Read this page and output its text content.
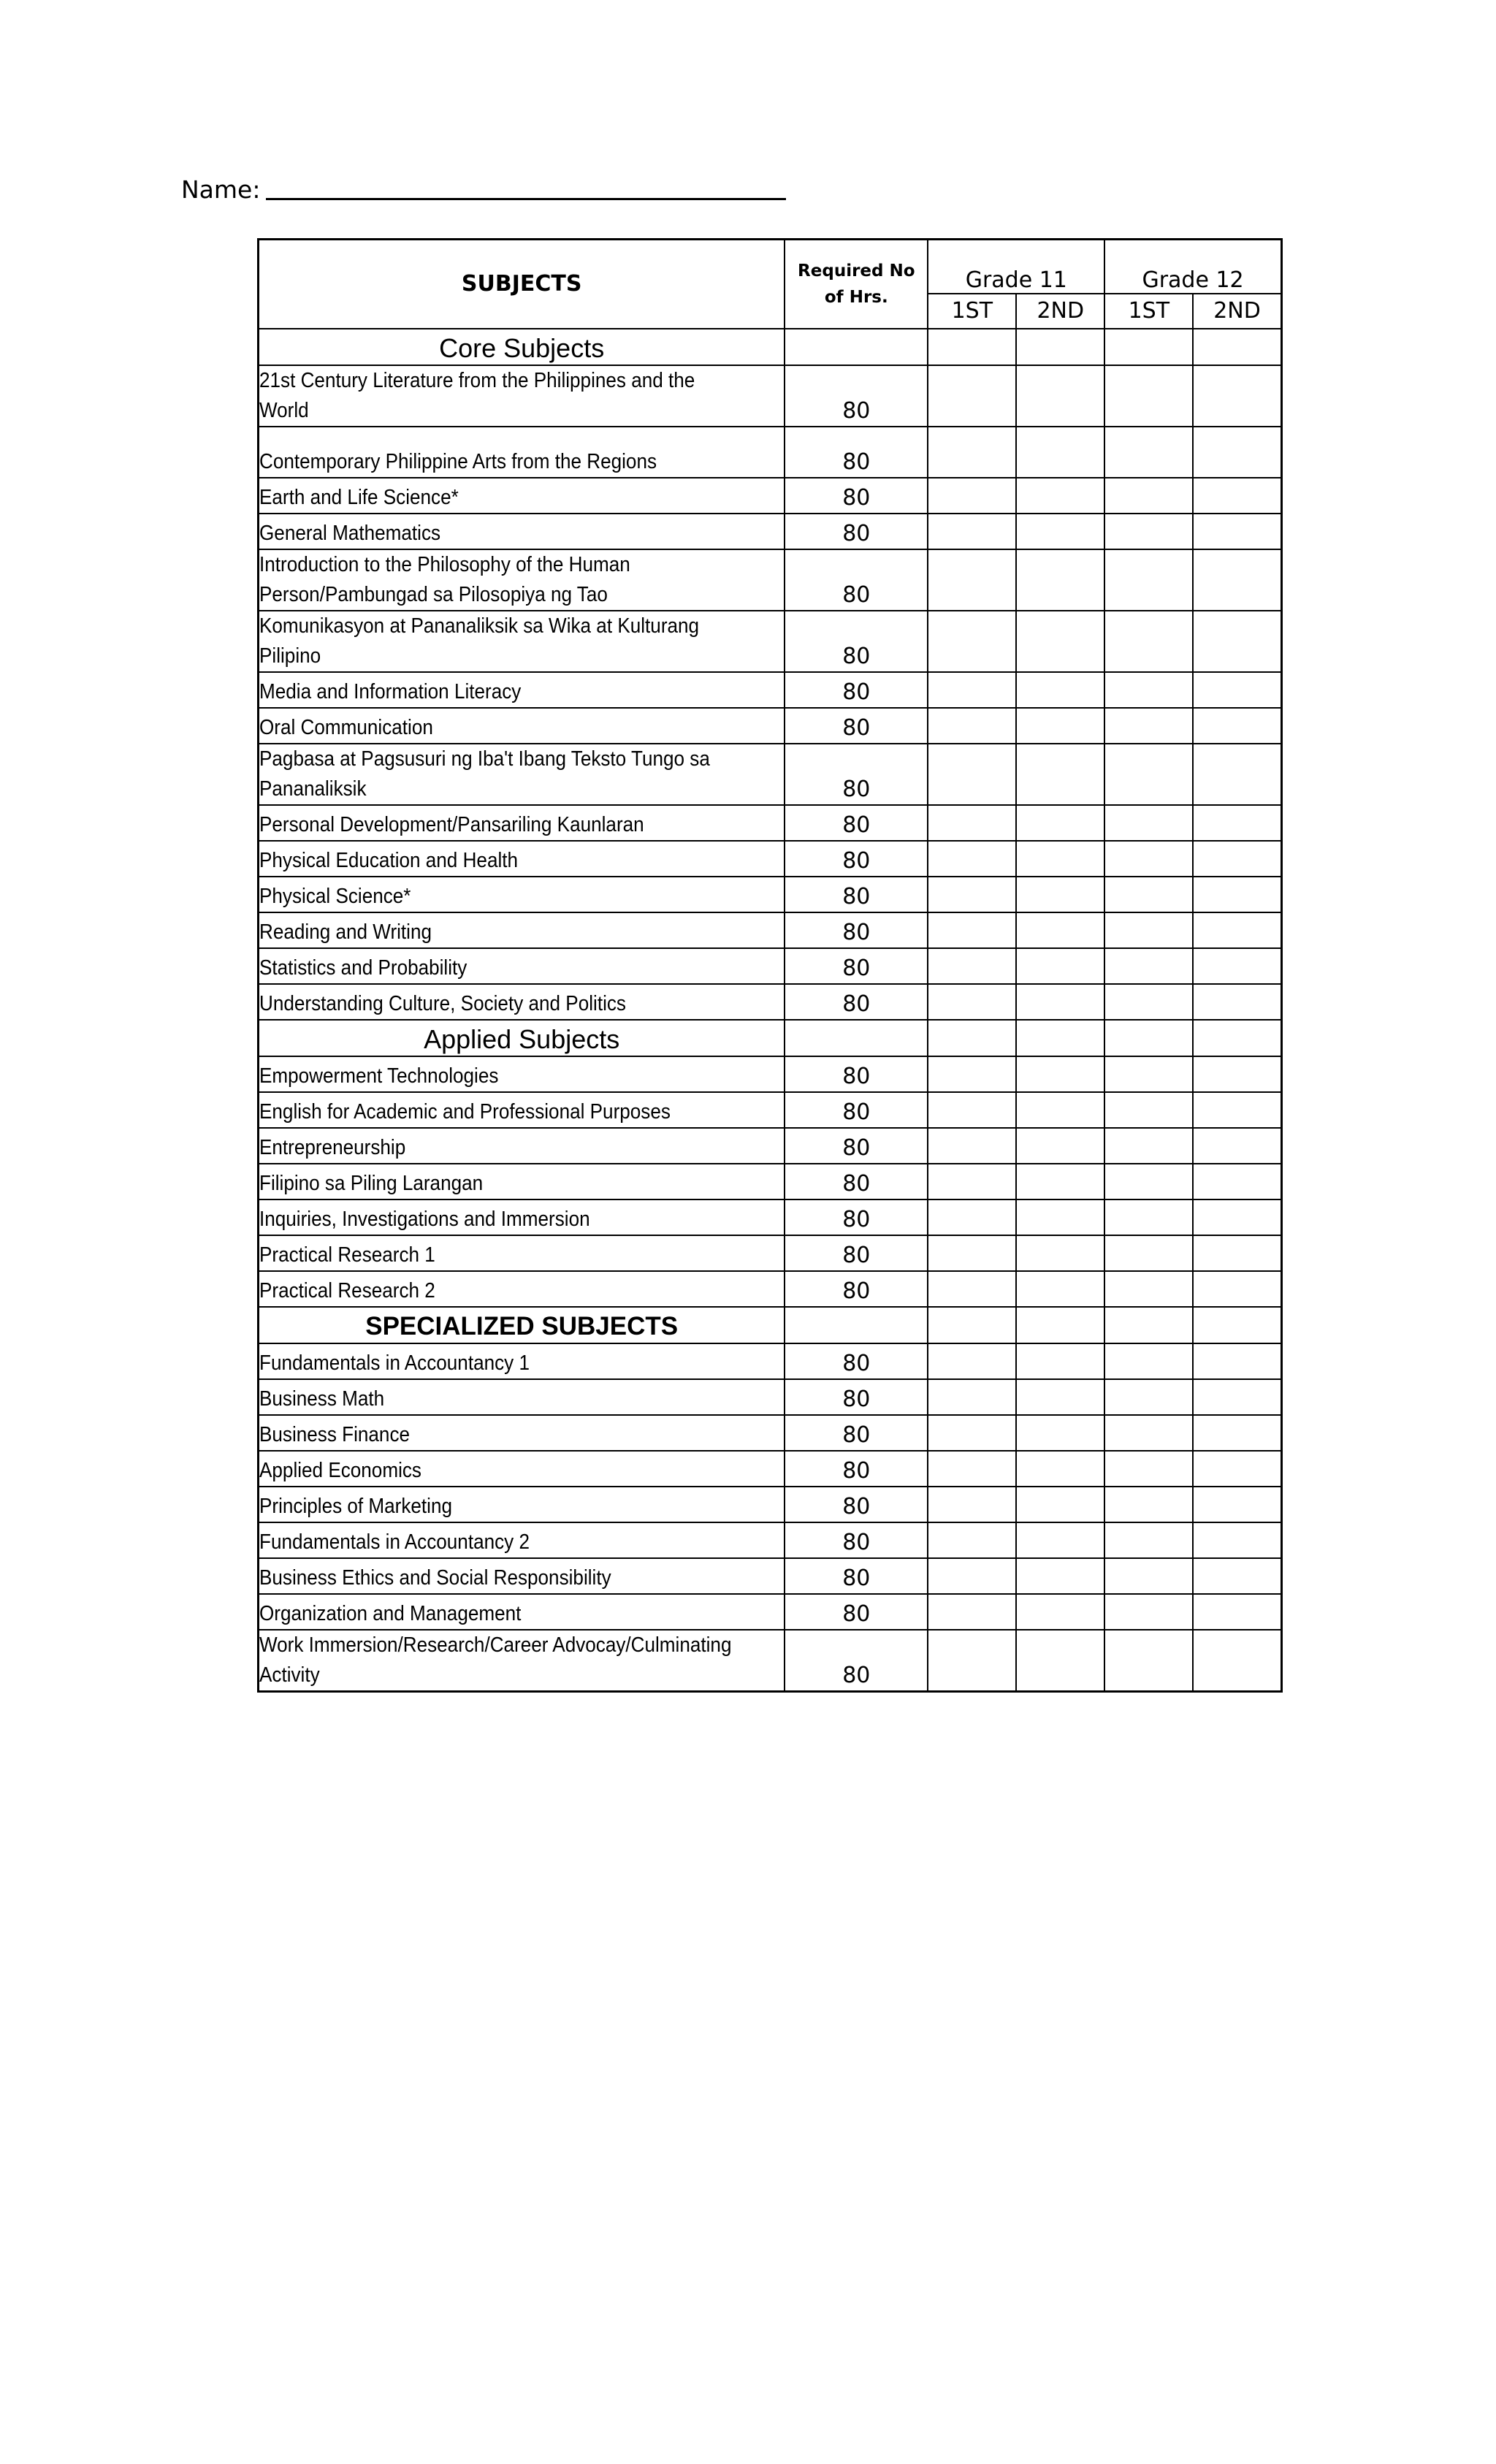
Name:
SUBJECTS	Required No of Hrs.	Grade 11		Grade 12	
		1ST	2ND	1ST	2ND
Core Subjects					

21st Century Literature from the Philippines and the
World	80				
Contemporary Philippine Arts from the Regions	80				
Earth and Life Science*	80				
General Mathematics	80				

Introduction to the Philosophy of the Human
Person/Pambungad sa Pilosopiya ng Tao	80				

Komunikasyon at Pananaliksik sa Wika at Kulturang
Pilipino	80				
Media and Information Literacy	80				
Oral Communication	80				

Pagbasa at Pagsusuri ng Iba't Ibang Teksto Tungo sa
Pananaliksik	80				
Personal Development/Pansariling Kaunlaran	80				
Physical Education and Health	80				
Physical Science*	80				
Reading and Writing	80				
Statistics and Probability	80				
Understanding Culture, Society and Politics	80				
Applied Subjects					
Empowerment Technologies	80				
English for Academic and Professional Purposes	80				
Entrepreneurship	80				
Filipino sa Piling Larangan	80				
Inquiries, Investigations and Immersion	80				
Practical Research 1	80				
Practical Research 2	80				
SPECIALIZED SUBJECTS					
Fundamentals in Accountancy 1	80				
Business Math	80				
Business Finance	80				
Applied Economics	80				
Principles of Marketing	80				
Fundamentals in Accountancy 2	80				
Business Ethics and Social Responsibility	80				
Organization and Management	80				

Work Immersion/Research/Career Advocay/Culminating
Activity	80				
